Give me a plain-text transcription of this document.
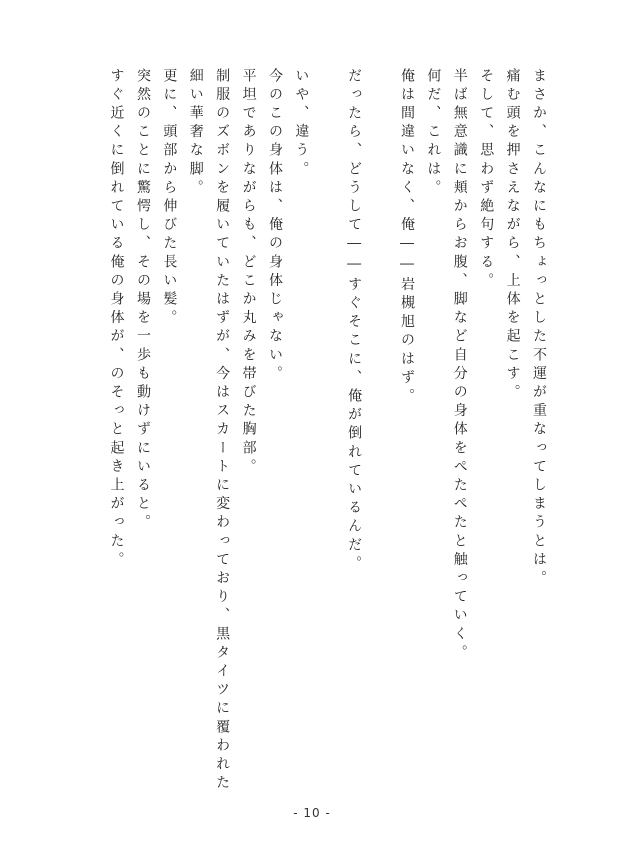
まさか、こんなにもちょっとした不運が重なってしまうとは。
痛む頭を押さえながら、上体を起こす。
そして、思わず絶句する。
半ば無意識に頬からお腹、脚など自分の身体をぺたぺたと触っていく。
何だ、これは。
俺は間違いなく、俺――岩槻旭のはず。
だったら、どうして――すぐそこに、俺が倒れているんだ。
いや、違う。
今のこの身体は、俺の身体じゃない。
平坦でありながらも、どこか丸みを帯びた胸部。
制服のズボンを履いていたはずが、今はスカートに変わっており、黒タイツに覆われた
細い華奢な脚。
更に、頭部から伸びた長い髪。
突然のことに驚愕し、その場を一歩も動けずにいると。
すぐ近くに倒れている俺の身体が、のそっと起き上がった。
- 10 -
